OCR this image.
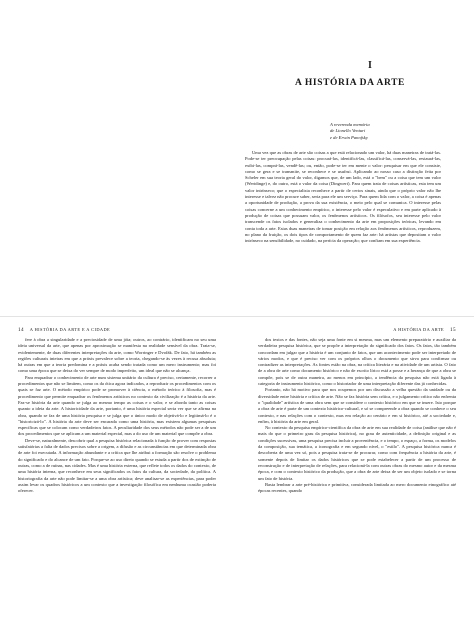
I
A HISTÓRIA DA ARTE
A reverenda memória
de Lionello Venturi
e de Erwin Panofsky

Uma vez que as obras de arte são coisas a que está relacionado um valor, há duas maneiras de tratá-las. Pode-se ter preocupação pelas coisas: procurá-las, identificá-las, classificá-las, conservá-las, restaurá-las, exibi-las, comprá-las, vendê-las; ou, então, pode-se ter em mente o valor: pesquisar em que ele consiste, como se gera e se transmite, se reconhece e se usufrui. Aplicando ao nosso caso a distinção feita por Scheler em sua teoria geral do valor, digamos que, de um lado, está o "bem" ou a coisa que tem um valor (Wertdinge) e, do outro, está o valor da coisa (Dingwert). Para quem trata de coisas artísticas, esta tem um valor intrínseco; que o especialista reconhece a partir de certos sinais, ainda que o próprio valor não lhe interesse e talvez não procure saber, seria para ele um serviço. Para quem lida com o valor, a coisa é apenas a oportunidade de produção, a prova da sua existência, o meio pelo qual se comunica. O interesse pelas coisas concerne a um conhecimento empírico, o interesse pelo valor é especulativo e em parte aplicado à produção de coisas que possuam valor, os fenômenos artísticos. Os filósofos, seu interesse pelo valor transcende os fatos isolados e generaliza o conhecimento da arte em proposições teóricas, levando em conta toda a arte. Estas duas maneiras de tomar posição em relação aos fenômenos artísticos, reproduzem, no plano da fruição, os dois tipos de comportamento de quem faz arte: há artistas que depositam o valor intrínseco na sensibilidade, no cuidado, na perícia da operação; que confiam em sua experiência.

14 A HISTÓRIA DA ARTE E A CIDADE	A HISTÓRIA DA ARTE 15

fere à obra a singularidade e a preciosidade de uma jóia; outros, ao contrário, identificam no seu uma ideia universal da arte, que apenas por aproximação se manifesta na realidade sensível da obra. Trata-se, evidentemente, de duas diferentes interpretações da arte, como Worringer e Dvořák. De fato, há também as regiões culturais inteiras em que a práxis prevalece sobre a teoria, chegando-se às vezes à recusa absoluta; há outras em que a teoria predomina e a práxis acaba sendo tratada como um mero instrumento; mas foi como uma época que se deixa do ver sempre de modo imperfeito, um ideal que não se alcança.

Para enquadrar o conhecimento de arte num sistema unitário da cultura é preciso, certamente, recorrer a procedimentos que não se limitem, como os da ótica agora indicados, a reproduzir os procedimentos com os quais se faz arte. O método empírico pode se promover à ciência, o método teórico à filosofia, mas é procedimento que permite enquadrar os fenômenos artísticos no contexto da civilização é a história da arte. Faz-se história da arte quando se julga ao mesmo tempo as coisas e o valor, e se aborda tanto as coisas quanto a ideia da arte. A historicidade da arte, portanto, é uma história especial seria ver que se afirma na obra, quando se faz de uma história pesquisa e se julga que o único modo de objetivá-lo e legitimá-lo é o "historicizá-lo". A história da arte deve ser encarada como uma história, mas existem algumas pesquisas específicas que se colocam como verdadeiros fatos. A peculiaridade dos seus métodos não pode ser a de um dos procedimentos que se aplicam a um material especial, mas a do uso de um material que compõe a obra.

Deve-se, naturalmente, descobrir qual a pesquisa histórica relacionada à função de prover com respostas satisfatórias a falta de dados precisos sobre a origem, a difusão e as circunstâncias em que determinada obra de arte foi executada. A informação abundante e a crítica que lhe atribui a formação são resolve o problema do significado e do alcance de um fato. Porque-se ao uso direto quando se estuda a partir dos de extinção de outras, como a de ruínas, nas cidades. Mas é uma história externa, que reflete todos os dados do contexto, de uma história interna, que reconhece em seus significados os fatos da cultura, da sociedade, da política. A historiografia da arte não pode limitar-se a uma obra artística; deve analisar-se as experiências, para poder assim levar os quadros históricos a um contexto que a investigação filosófica em nenhuma ocasião poderia oferecer.

dos textos e das fontes, não seja uma fonte em si mesma, mas um elemento preparatório e auxiliar da verdadeira pesquisa histórica, que se propõe a interpretação do significado dos fatos. Os fatos, tão também concordam em julgar que a história é um conjunto de fatos, que um acontecimento pode ser interpretado de vários modos, e que é preciso ver com os próprios olhos o documento que sirva para confirmar ou contradizer as interpretações. As fontes estão na obra, na crítica literária e na atividade de um artista. O fato de a obra de arte como documento histórico e não de escrito lírico está a posse e a herança de que a obra se compõe, pois se de outra maneira, ao menos em princípio, a tendência da pesquisa não está ligada à categoria de instrumento histórico, como o historiador de uma interpretação diferente das já conhecidas.

Portanto, não há motivo para que nos ocupemos por um discussão a velha questão da unidade ou da diversidade entre história e crítica de arte. Não se faz história sem crítica, e o julgamento crítico não enfrenta o "qualidade" artística de uma obra sem que se considere o contexto histórico em que se insere. Isto porque a obra de arte é parte de um contexto histórico-cultural, e só se compreende a obra quando se conhece o seu contexto, e nas relações com o contexto, mas em relação ao cenário e em si histórico, até a sociedade e, enfim, à história da arte em geral.

No contexto da pesquisa empírico-científica da obra de arte em sua realidade de coisa (análise que não é mais do que o primeiro grau da pesquisa histórica), no grau de autenticidade, a definição original e as condições sucessivas, uma pesquisa precisa incluir a proveniência, e o tempo, o espaço, a forma, os modelos da composição, sua temática, a iconografia e em segundo nível, o "estilo". A pesquisa histórica nunca é descoberta de uma vez só, pois a pesquisa trata-se de procurar, como com frequência a história da arte, é somente depois de limitar os dados históricos que se pode estabelecer a partir de um processo de reconstrução e de interpretação de relações, para relacioná-la com outras obras do mesmo autor e da mesma época, e com o contexto histórico da produção, que a obra de arte deixa de ser um objeto isolado e se torna um fato de história.

Basta lembrar a arte pré-histórica e primitiva, considerada limitada ao mero documento etnográfico até épocas recentes, quando
